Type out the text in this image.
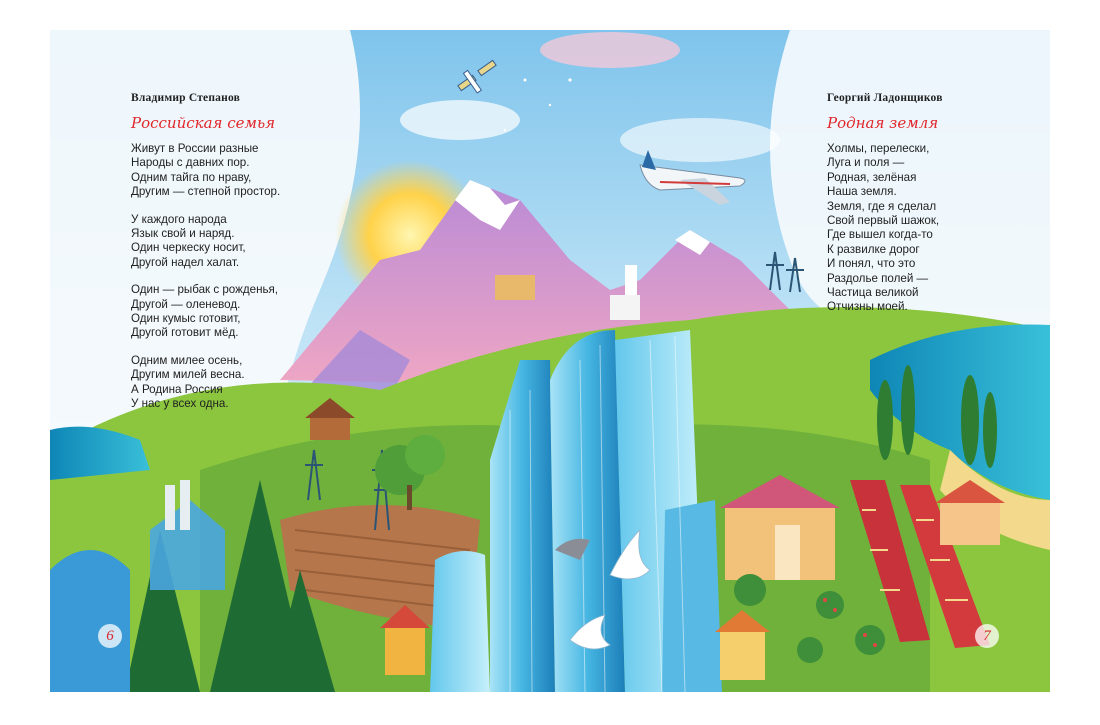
Владимир Степанов
Российская семья
Живут в России разные
Народы с давних пор.
Одним тайга по нраву,
Другим — степной простор.
У каждого народа
Язык свой и наряд.
Один черкеску носит,
Другой надел халат.
Один — рыбак с рожденья,
Другой — оленевод.
Один кумыс готовит,
Другой готовит мёд.
Одним милее осень,
Другим милей весна.
А Родина Россия
У нас у всех одна.
Георгий Ладонщиков
Родная земля
Холмы, перелески,
Луга и поля —
Родная, зелёная
Наша земля.
Земля, где я сделал
Свой первый шажок,
Где вышел когда-то
К развилке дорог
И понял, что это
Раздолье полей —
Частица великой
Отчизны моей.
6	7
